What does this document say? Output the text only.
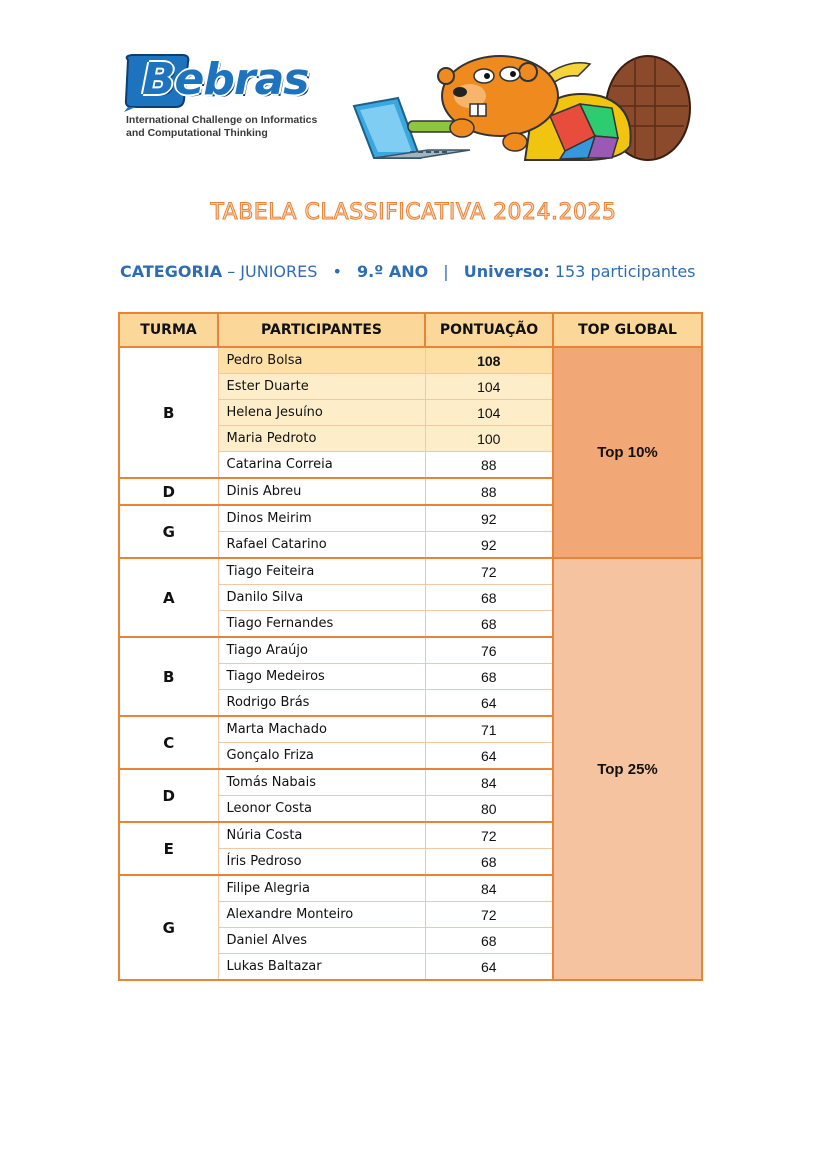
Bebras
International Challenge on Informatics
and Computational Thinking
TABELA CLASSIFICATIVA 2024.2025
CATEGORIA – JUNIORES • 9.º ANO | Universo: 153 participantes
TURMA	PARTICIPANTES	PONTUAÇÃO	TOP GLOBAL
B	Pedro Bolsa	108	Top 10%
	Ester Duarte	104	
	Helena Jesuíno	104	
	Maria Pedroto	100	
	Catarina Correia	88	
D	Dinis Abreu	88	
G	Dinos Meirim	92	
	Rafael Catarino	92	
A	Tiago Feiteira	72	Top 25%
	Danilo Silva	68	
	Tiago Fernandes	68	
B	Tiago Araújo	76	
	Tiago Medeiros	68	
	Rodrigo Brás	64	
C	Marta Machado	71	
	Gonçalo Friza	64	
D	Tomás Nabais	84	
	Leonor Costa	80	
E	Núria Costa	72	
	Íris Pedroso	68	
G	Filipe Alegria	84	
	Alexandre Monteiro	72	
	Daniel Alves	68	
	Lukas Baltazar	64	
